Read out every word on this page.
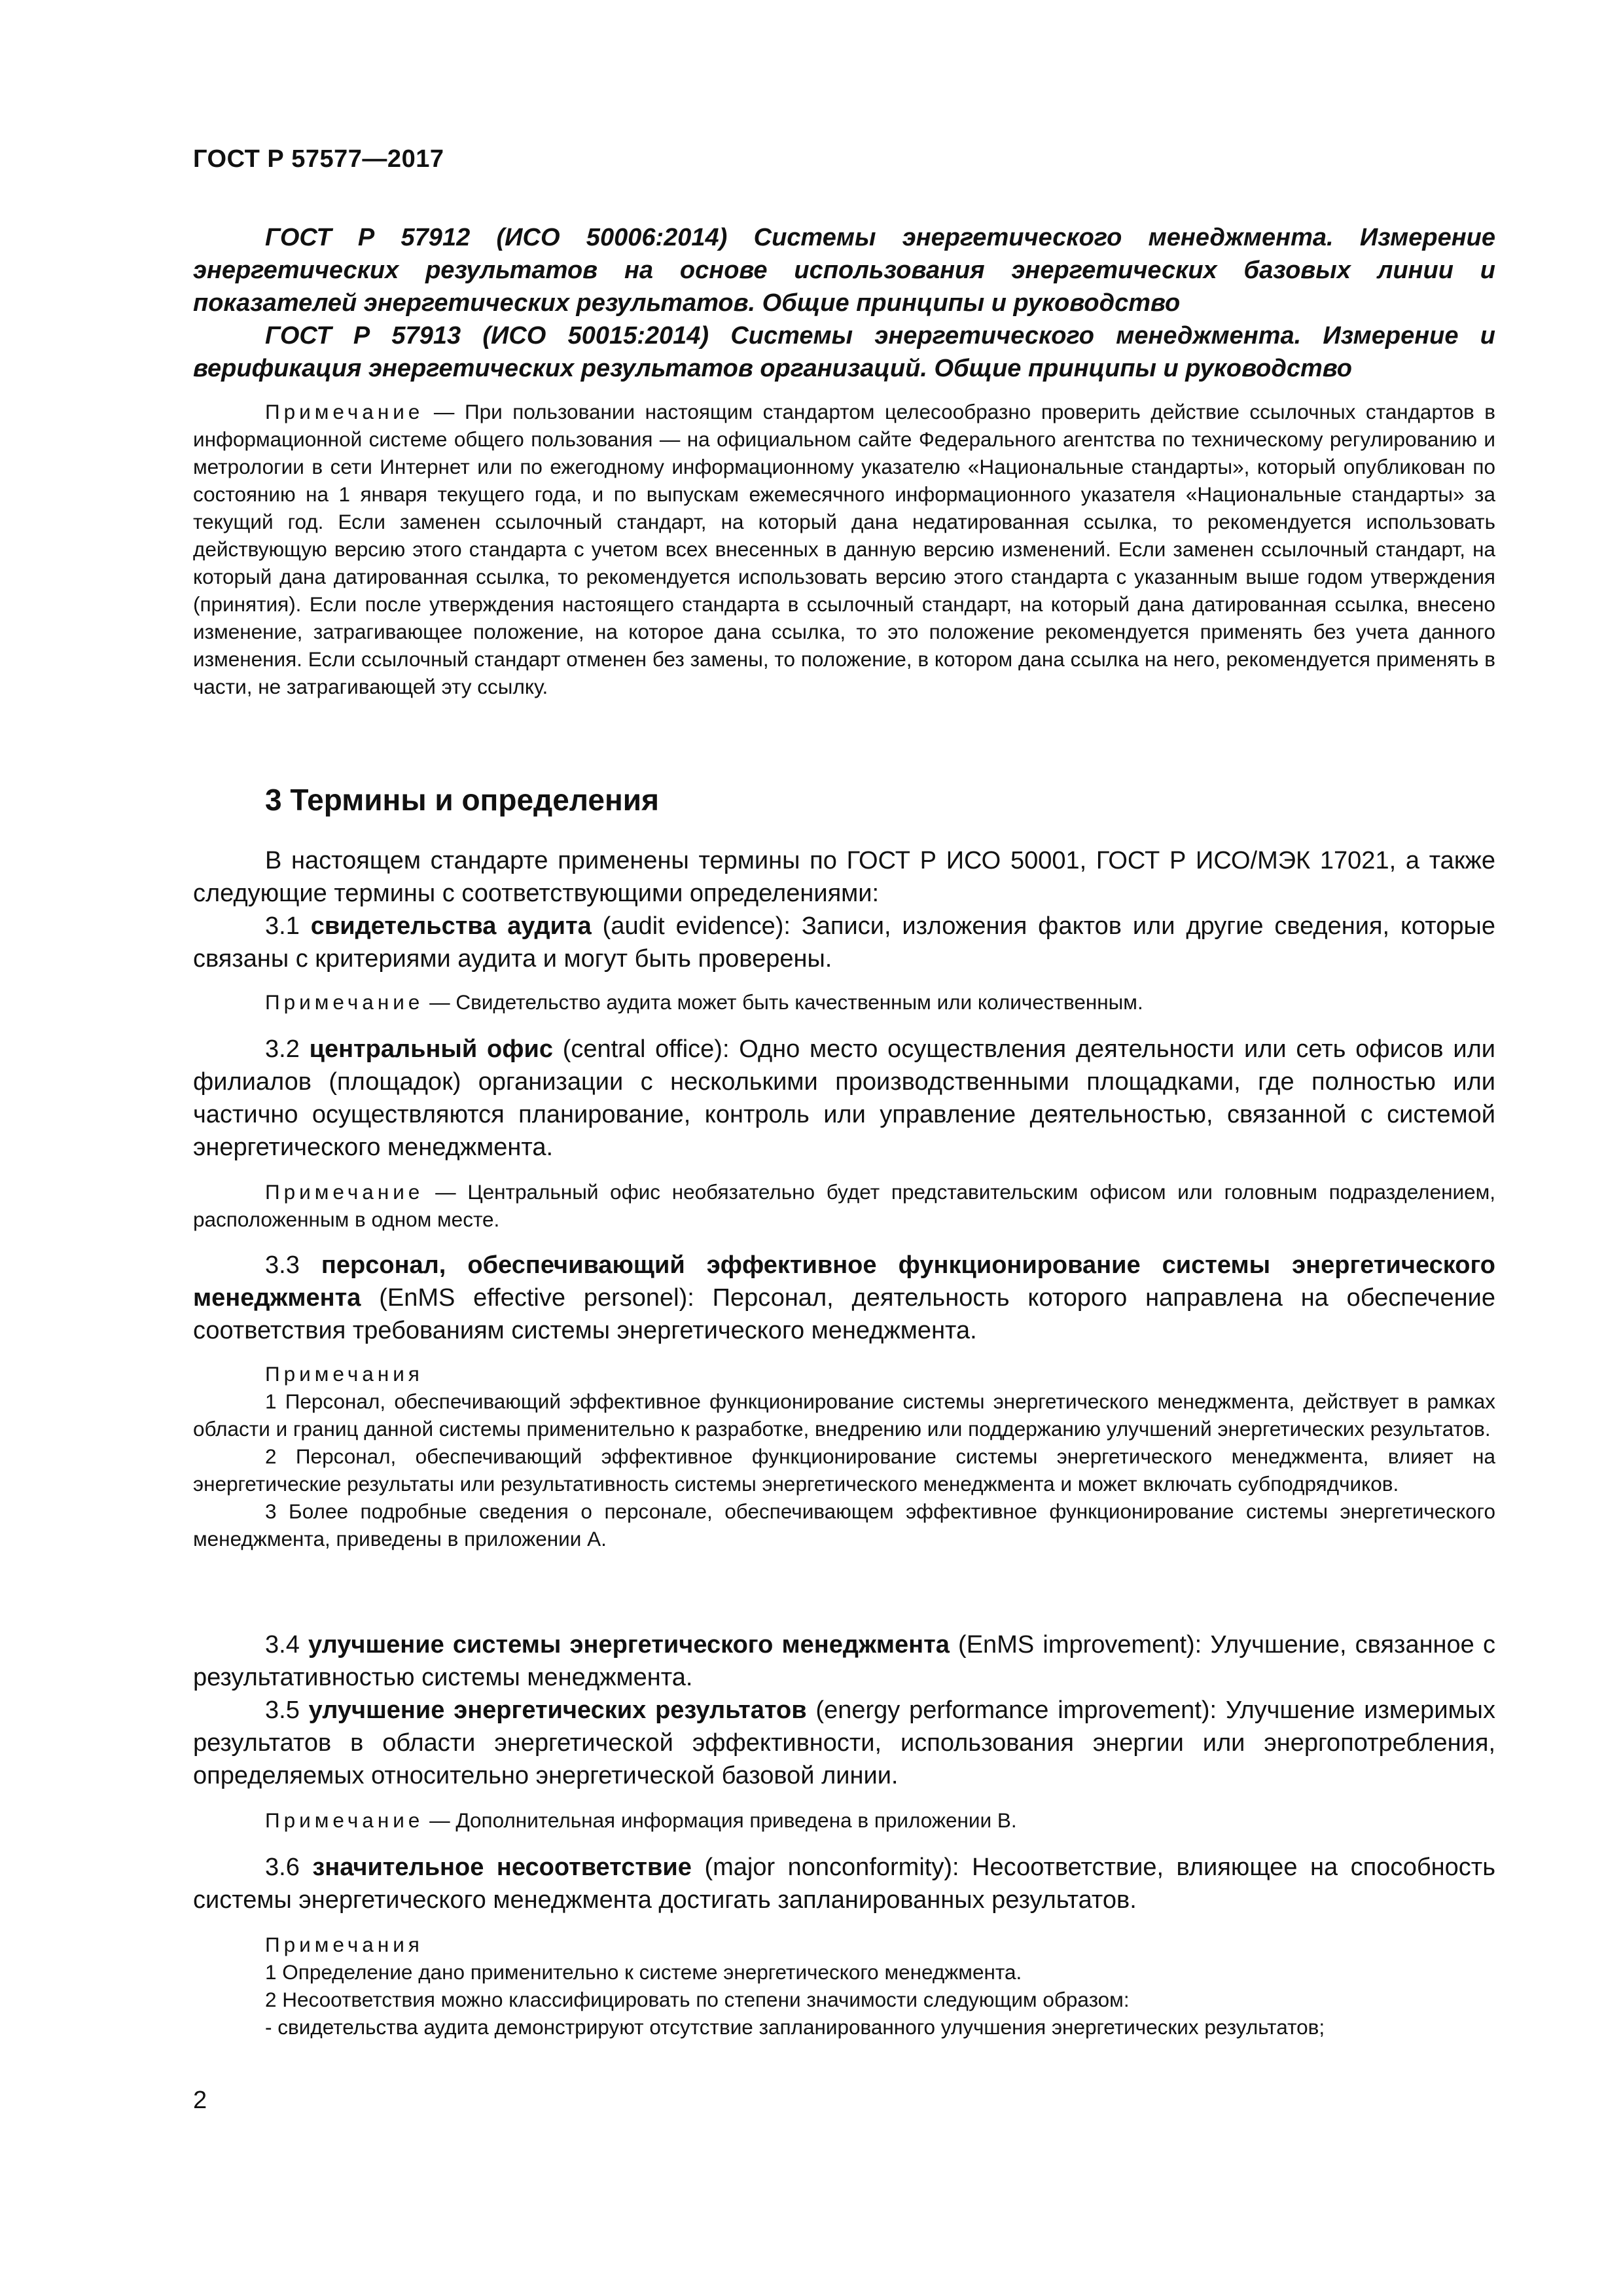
ГОСТ Р 57577—2017

ГОСТ Р 57912 (ИСО 50006:2014) Системы энергетического менеджмента. Измерение энергетических результатов на основе использования энергетических базовых линии и показателей энергетических результатов. Общие принципы и руководство

ГОСТ Р 57913 (ИСО 50015:2014) Системы энергетического менеджмента. Измерение и верификация энергетических результатов организаций. Общие принципы и руководство

Примечание — При пользовании настоящим стандартом целесообразно проверить действие ссылочных стандартов в информационной системе общего пользования — на официальном сайте Федерального агентства по техническому регулированию и метрологии в сети Интернет или по ежегодному информационному указателю «Национальные стандарты», который опубликован по состоянию на 1 января текущего года, и по выпускам ежемесячного информационного указателя «Национальные стандарты» за текущий год. Если заменен ссылочный стандарт, на который дана недатированная ссылка, то рекомендуется использовать действующую версию этого стандарта с учетом всех внесенных в данную версию изменений. Если заменен ссылочный стандарт, на который дана датированная ссылка, то рекомендуется использовать версию этого стандарта с указанным выше годом утверждения (принятия). Если после утверждения настоящего стандарта в ссылочный стандарт, на который дана датированная ссылка, внесено изменение, затрагивающее положение, на которое дана ссылка, то это положение рекомендуется применять без учета данного изменения. Если ссылочный стандарт отменен без замены, то положение, в котором дана ссылка на него, рекомендуется применять в части, не затрагивающей эту ссылку.

3 Термины и определения

В настоящем стандарте применены термины по ГОСТ Р ИСО 50001, ГОСТ Р ИСО/МЭК 17021, а также следующие термины с соответствующими определениями:

3.1 свидетельства аудита (audit evidence): Записи, изложения фактов или другие сведения, которые связаны с критериями аудита и могут быть проверены.

Примечание — Свидетельство аудита может быть качественным или количественным.

3.2 центральный офис (central office): Одно место осуществления деятельности или сеть офисов или филиалов (площадок) организации с несколькими производственными площадками, где полностью или частично осуществляются планирование, контроль или управление деятельностью, связанной с системой энергетического менеджмента.

Примечание — Центральный офис необязательно будет представительским офисом или головным подразделением, расположенным в одном месте.

3.3 персонал, обеспечивающий эффективное функционирование системы энергетического менеджмента (EnMS effective personel): Персонал, деятельность которого направлена на обеспечение соответствия требованиям системы энергетического менеджмента.

Примечания

1 Персонал, обеспечивающий эффективное функционирование системы энергетического менеджмента, действует в рамках области и границ данной системы применительно к разработке, внедрению или поддержанию улучшений энергетических результатов.

2 Персонал, обеспечивающий эффективное функционирование системы энергетического менеджмента, влияет на энергетические результаты или результативность системы энергетического менеджмента и может включать субподрядчиков.

3 Более подробные сведения о персонале, обеспечивающем эффективное функционирование системы энергетического менеджмента, приведены в приложении А.

3.4 улучшение системы энергетического менеджмента (EnMS improvement): Улучшение, связанное с результативностью системы менеджмента.

3.5 улучшение энергетических результатов (energy performance improvement): Улучшение измеримых результатов в области энергетической эффективности, использования энергии или энергопотребления, определяемых относительно энергетической базовой линии.

Примечание — Дополнительная информация приведена в приложении В.

3.6 значительное несоответствие (major nonconformity): Несоответствие, влияющее на способность системы энергетического менеджмента достигать запланированных результатов.

Примечания

1 Определение дано применительно к системе энергетического менеджмента.

2 Несоответствия можно классифицировать по степени значимости следующим образом:

- свидетельства аудита демонстрируют отсутствие запланированного улучшения энергетических результатов;

2
